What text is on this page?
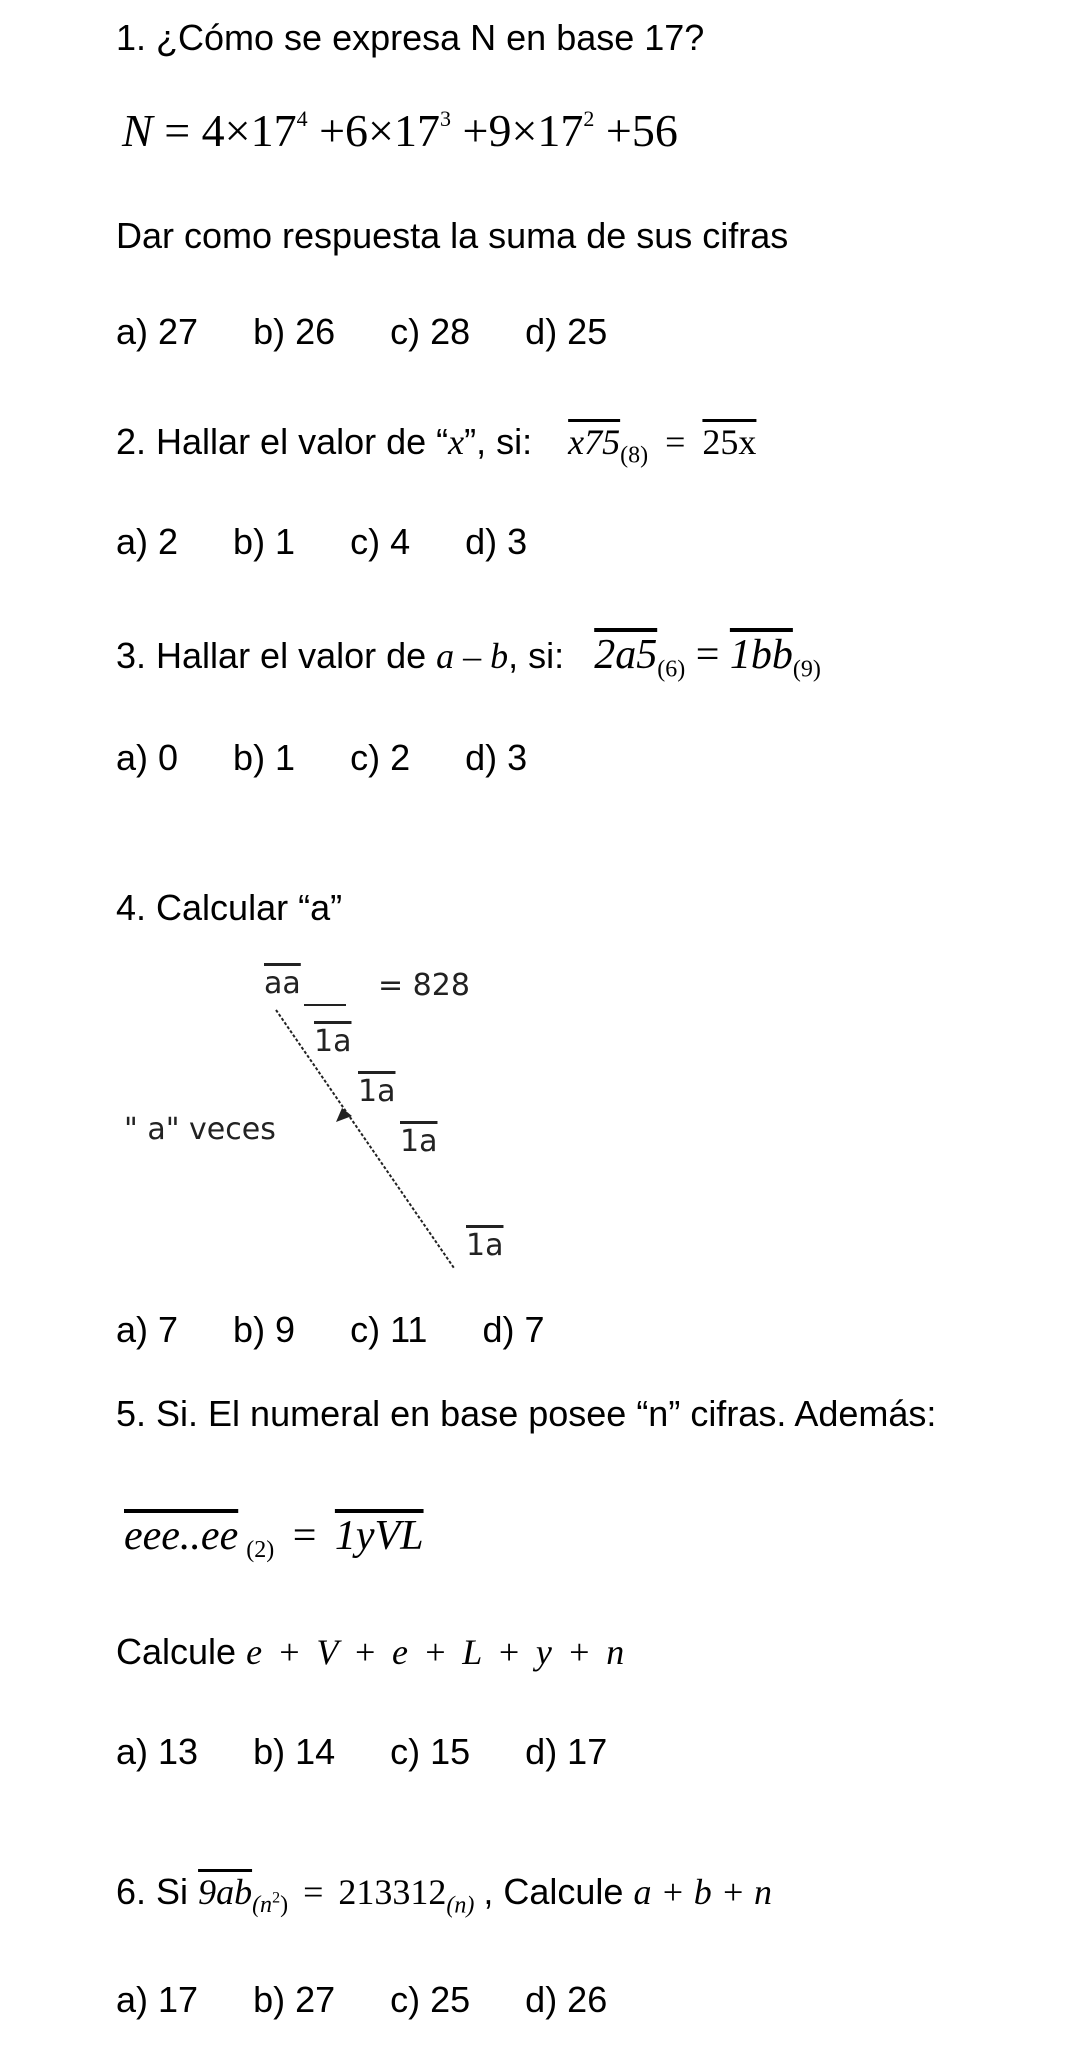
1. ¿Cómo se expresa N en base 17?
$N = 4\times 17^4 +6\times 17^3 +9\times 17^2 +56$
Dar como respuesta la suma de sus cifras
a) 27 b) 26 c) 28 d) 25
2. Hallar el valor de “x”, si: $x75_{(8)} = 25x$
a) 2 b) 1 c) 4 d) 3
3. Hallar el valor de a – b, si: $2a5_{(6)} = 1bb_{(9)}$
a) 0 b) 1 c) 2 d) 3
4. Calcular “a”
$\overline{aa}$	= 828
1a
1a
1a
1a
" a" veces
a) 7 b) 9 c) 11 d) 7
5. Si. El numeral en base posee “n” cifras. Además:
eee..ee $_{(2)}$ = 1yVL
Calcule e + V + e + L + y + n
a) 13 b) 14 c) 15 d) 17
6. Si $9ab_{(n^2)} = 213312_{(n)}$ , Calcule a + b + n
a) 17 b) 27 c) 25 d) 26
